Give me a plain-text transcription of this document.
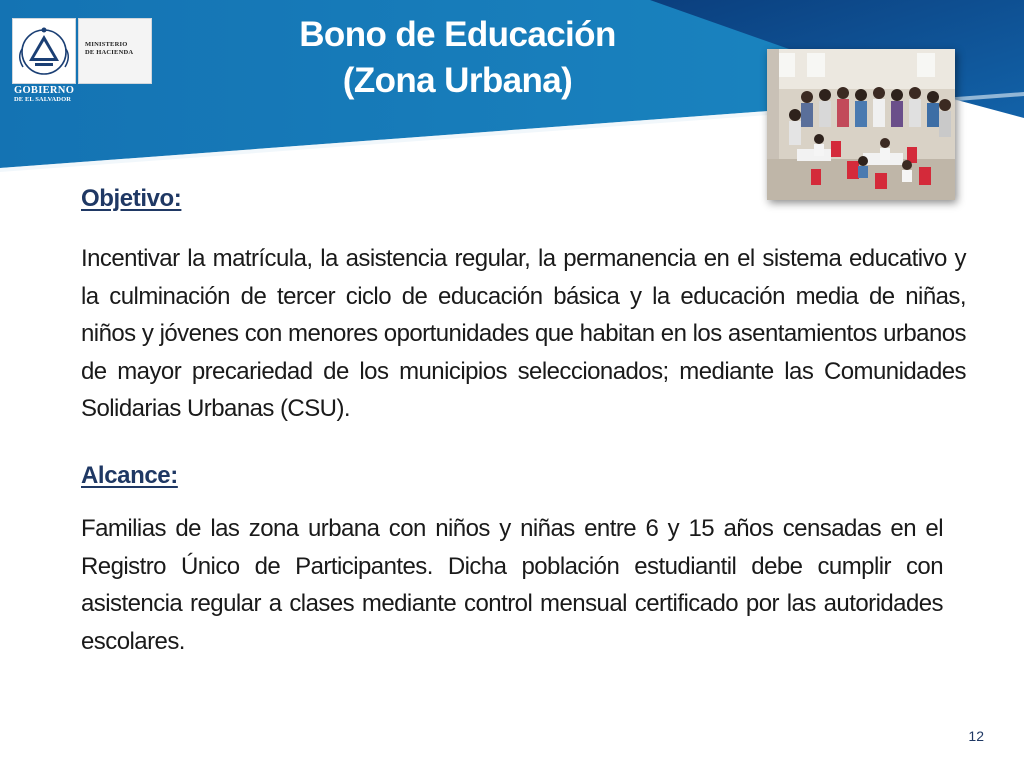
MINISTERIO
DE HACIENDA
GOBIERNO
DE EL SALVADOR
Bono de Educación
(Zona Urbana)
Objetivo:
Incentivar la matrícula, la asistencia regular, la permanencia en el sistema educativo y la culminación de tercer ciclo de educación básica y la educación media de niñas, niños y jóvenes con menores oportunidades que habitan en los asentamientos urbanos de mayor precariedad de los municipios seleccionados; mediante las Comunidades Solidarias Urbanas (CSU).
Alcance:
Familias de las zona urbana con niños y niñas entre 6 y 15 años censadas en el Registro Único de Participantes. Dicha población estudiantil debe cumplir con asistencia regular a clases mediante control mensual certificado por las autoridades escolares.
12
